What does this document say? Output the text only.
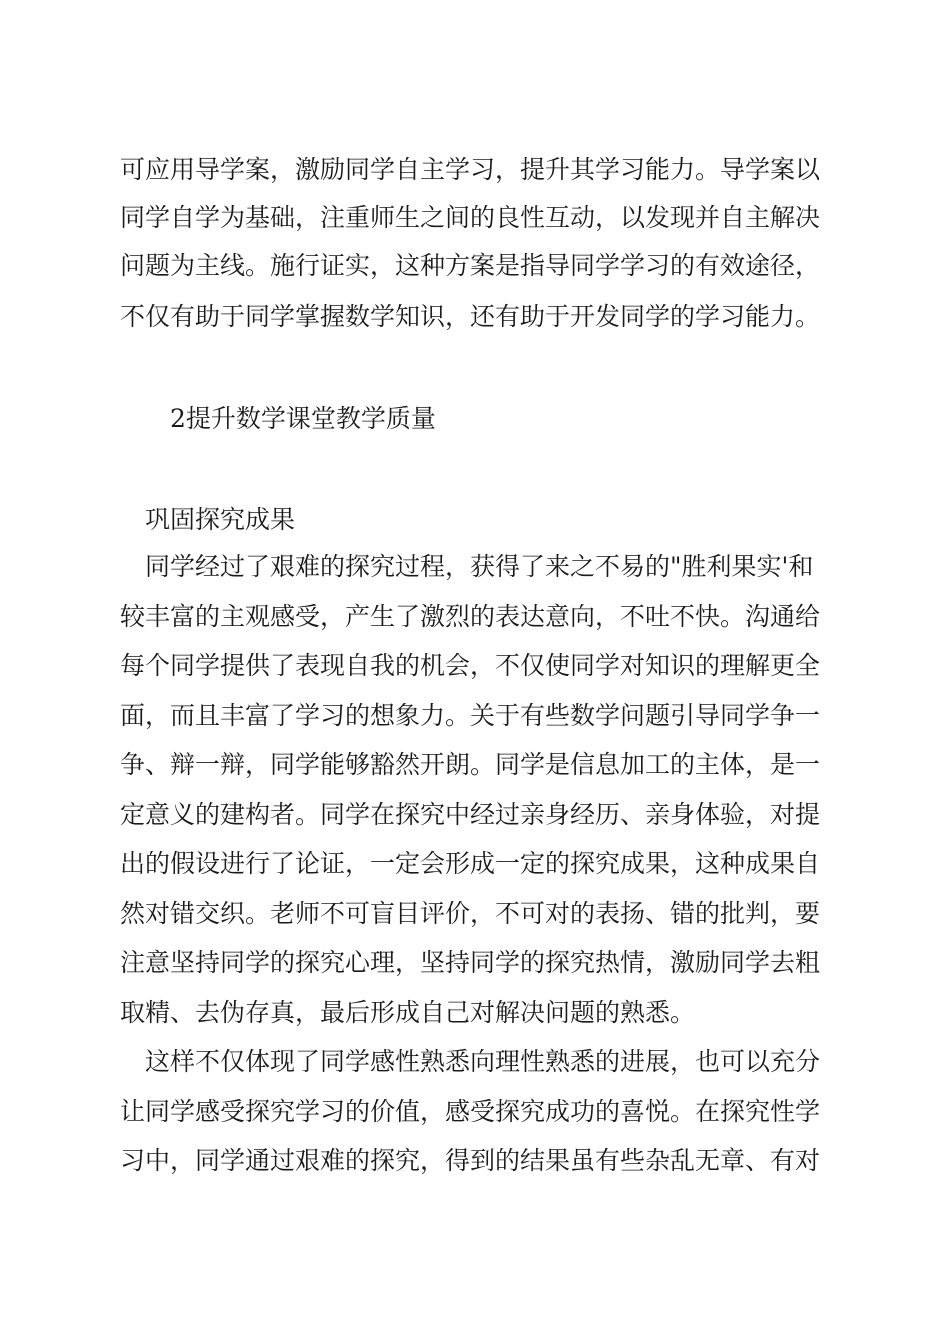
可应用导学案，激励同学自主学习，提升其学习能力。导学案以
同学自学为基础，注重师生之间的良性互动，以发现并自主解决
问题为主线。施行证实，这种方案是指导同学学习的有效途径，
不仅有助于同学掌握数学知识，还有助于开发同学的学习能力。
2提升数学课堂教学质量
巩固探究成果
同学经过了艰难的探究过程，获得了来之不易的"胜利果实'和
较丰富的主观感受，产生了激烈的表达意向，不吐不快。沟通给
每个同学提供了表现自我的机会，不仅使同学对知识的理解更全
面，而且丰富了学习的想象力。关于有些数学问题引导同学争一
争、辩一辩，同学能够豁然开朗。同学是信息加工的主体，是一
定意义的建构者。同学在探究中经过亲身经历、亲身体验，对提
出的假设进行了论证，一定会形成一定的探究成果，这种成果自
然对错交织。老师不可盲目评价，不可对的表扬、错的批判，要
注意坚持同学的探究心理，坚持同学的探究热情，激励同学去粗
取精、去伪存真，最后形成自己对解决问题的熟悉。
这样不仅体现了同学感性熟悉向理性熟悉的进展，也可以充分
让同学感受探究学习的价值，感受探究成功的喜悦。在探究性学
习中，同学通过艰难的探究，得到的结果虽有些杂乱无章、有对
